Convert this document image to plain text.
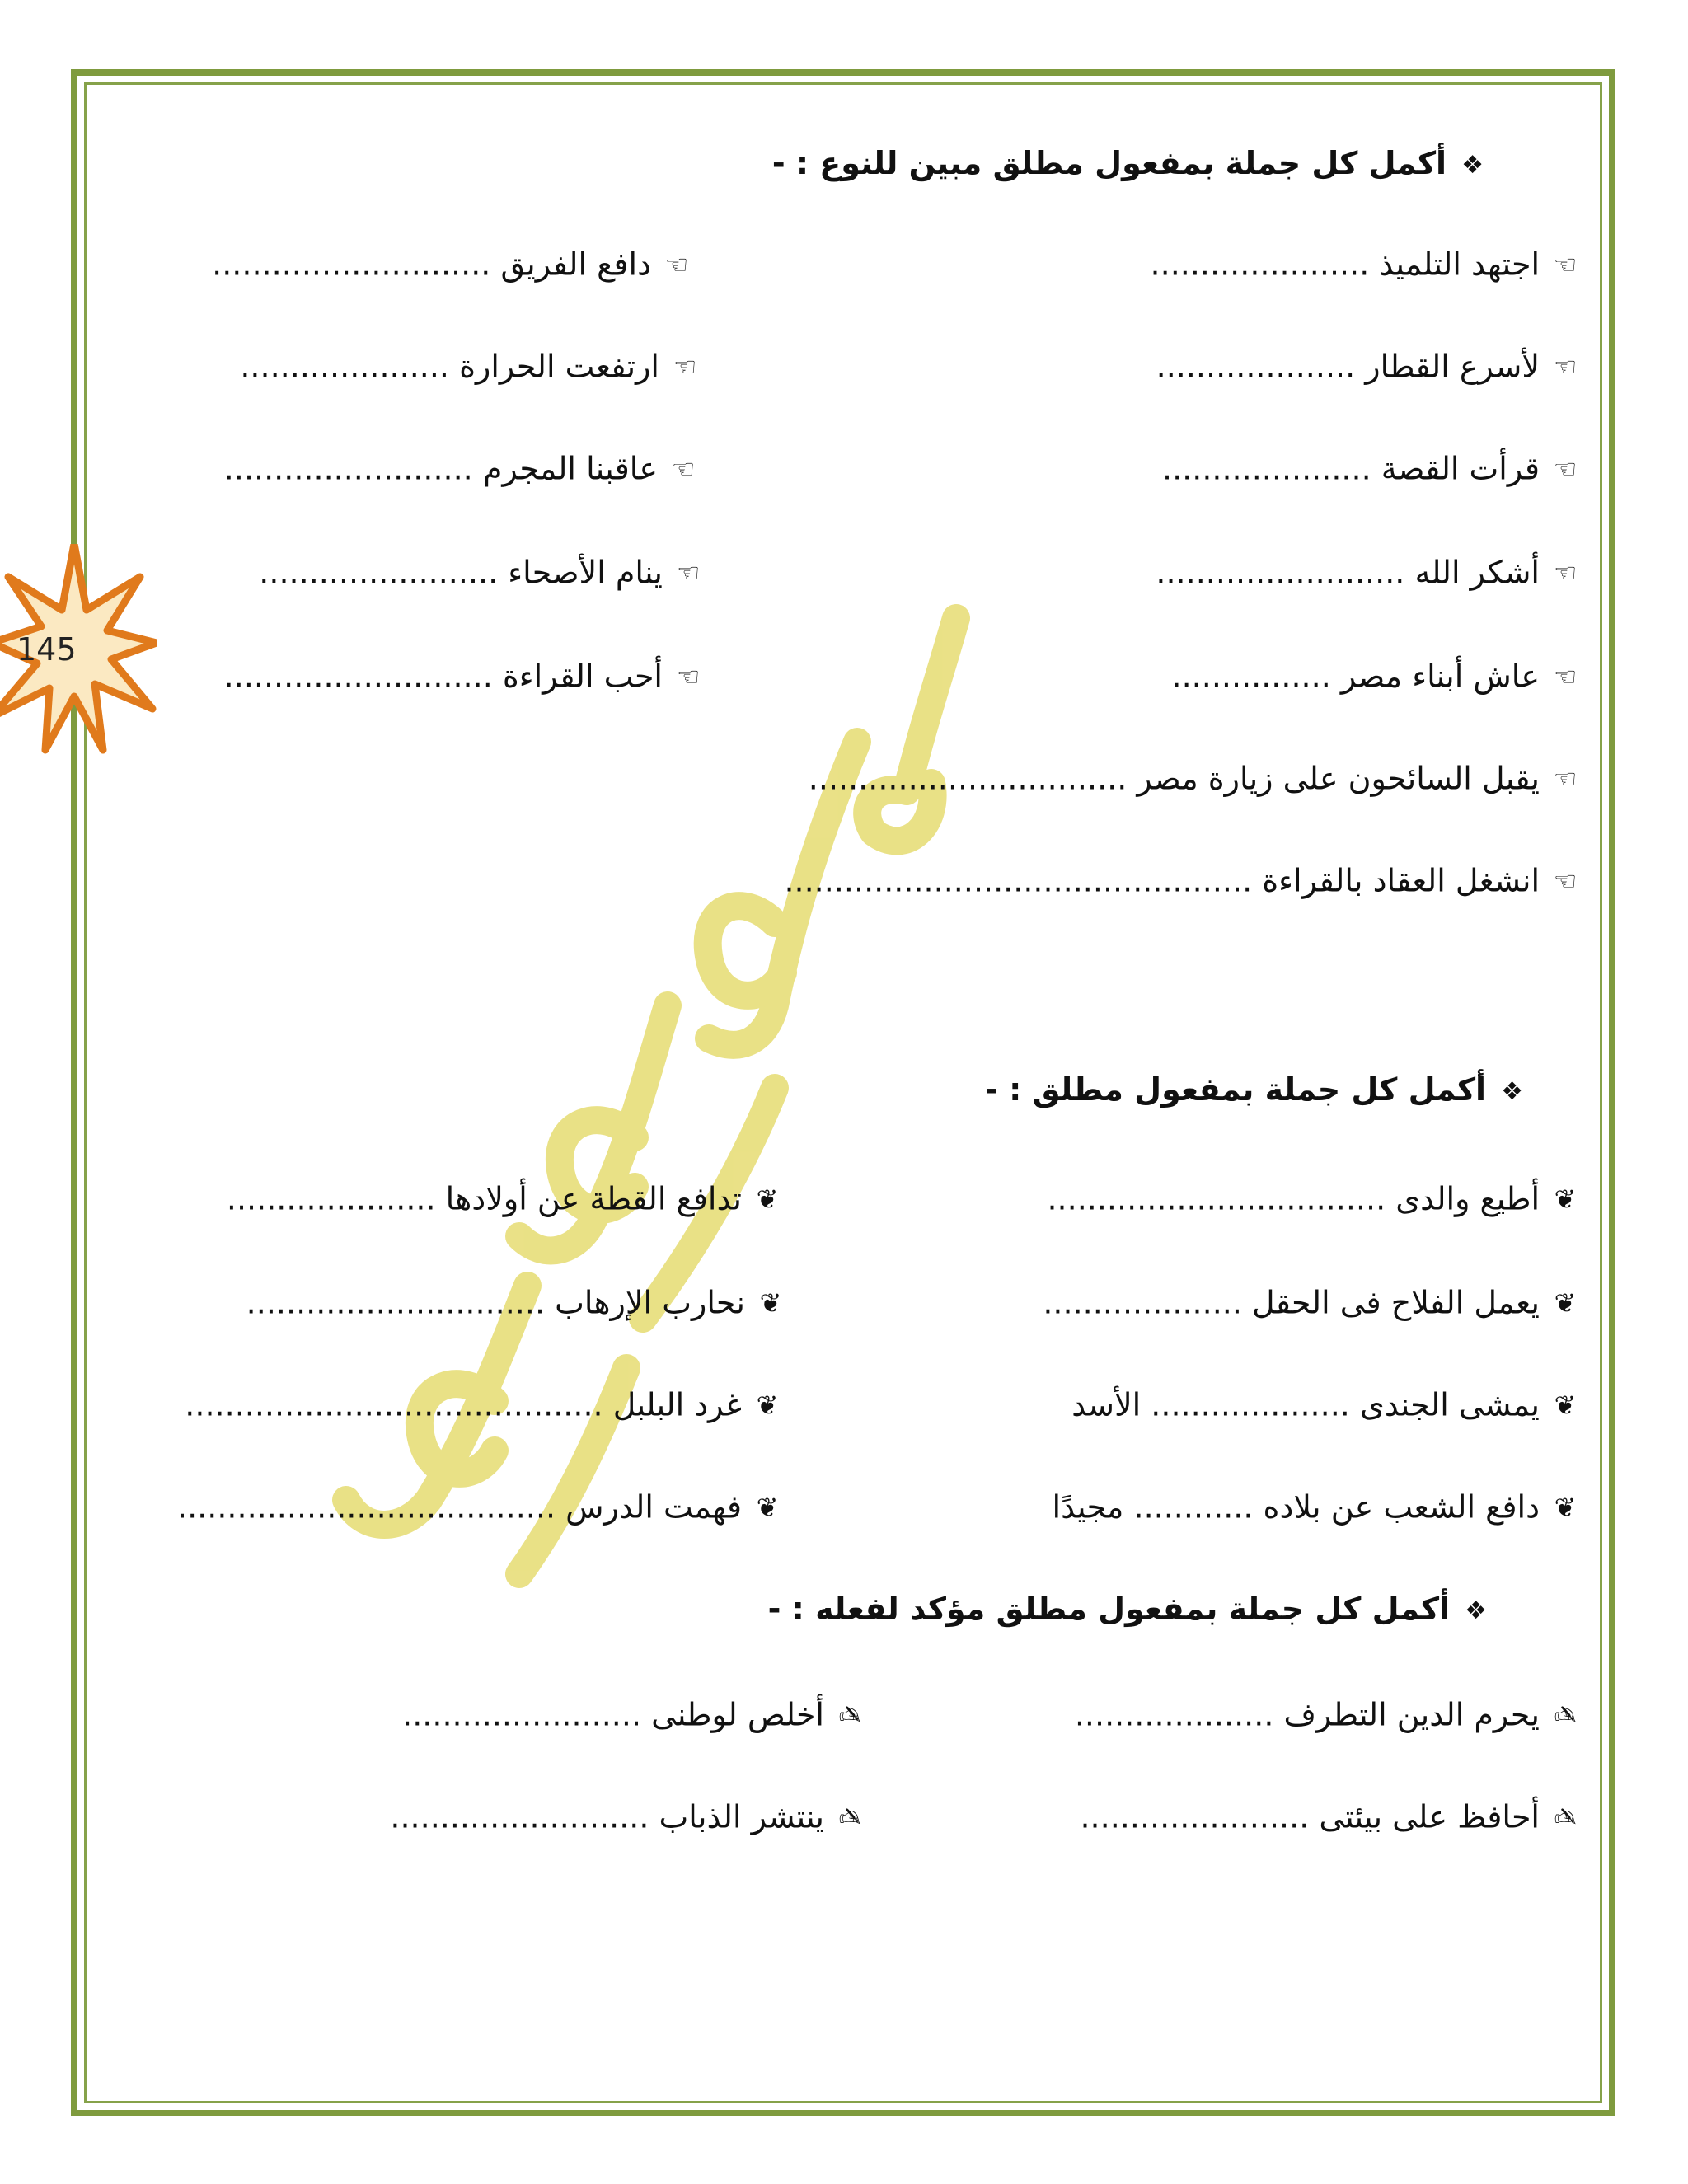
145
❖أكمل كل جملة بمفعول مطلق مبين للنوع : -
☞اجتهد التلميذ ......................
☞دافع الفريق ............................
☞لأسرع القطار ....................
☞ارتفعت الحرارة .....................
☞قرأت القصة .....................
☞عاقبنا المجرم .........................
☞أشكر الله .........................
☞ينام الأصحاء ........................
☞عاش أبناء مصر ................
☞أحب القراءة ...........................
☞يقبل السائحون على زيارة مصر ................................
☞انشغل العقاد بالقراءة ...............................................
❖أكمل كل جملة بمفعول مطلق : -
❦أطيع والدى ..................................
❦تدافع القطة عن أولادها .....................
❦يعمل الفلاح فى الحقل ....................
❦نحارب الإرهاب ..............................
❦يمشى الجندى .................... الأسد
❦غرد البلبل ..........................................
❦دافع الشعب عن بلاده ............ مجيدًا
❦فهمت الدرس ......................................
❖أكمل كل جملة بمفعول مطلق مؤكد لفعله : -
✍يحرم الدين التطرف ....................
✍أخلص لوطنى ........................
✍أحافظ على بيئتى .......................
✍ينتشر الذباب ..........................
